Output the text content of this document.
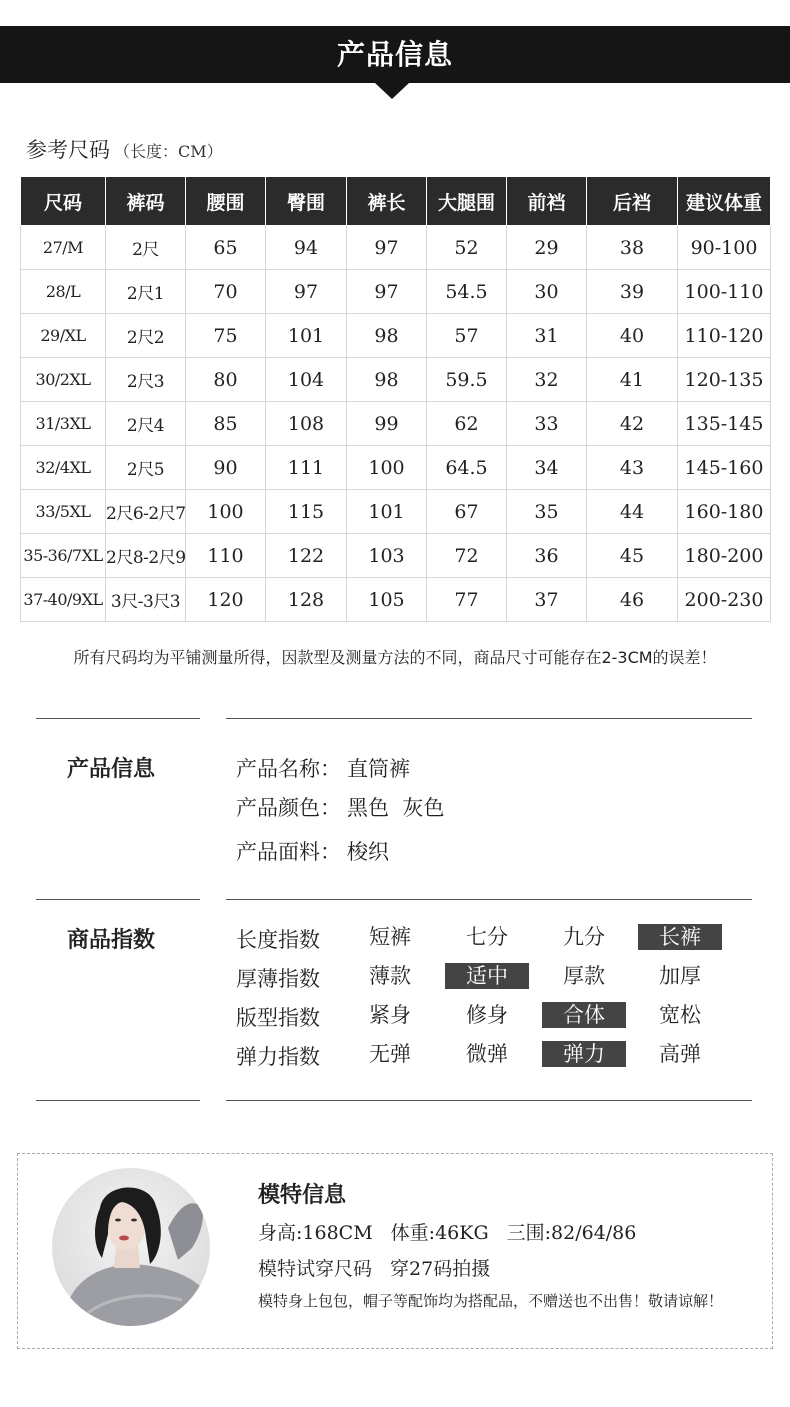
产品信息
参考尺码 （长度：CM）
尺码	裤码	腰围	臀围	裤长	大腿围	前裆	后裆	建议体重
27/M	2尺	65	94	97	52	29	38	90-100
28/L	2尺1	70	97	97	54.5	30	39	100-110
29/XL	2尺2	75	101	98	57	31	40	110-120
30/2XL	2尺3	80	104	98	59.5	32	41	120-135
31/3XL	2尺4	85	108	99	62	33	42	135-145
32/4XL	2尺5	90	111	100	64.5	34	43	145-160
33/5XL	2尺6-2尺7	100	115	101	67	35	44	160-180
35-36/7XL	2尺8-2尺9	110	122	103	72	36	45	180-200
37-40/9XL	3尺-3尺3	120	128	105	77	37	46	200-230
所有尺码均为平铺测量所得，因款型及测量方法的不同，商品尺寸可能存在2-3CM的误差！
产品信息	产品名称： 直筒裤
产品颜色： 黑色  灰色
产品面料： 梭织
商品指数	长度指数	短裤	七分	九分	长裤
厚薄指数	薄款	适中	厚款	加厚
版型指数	紧身	修身	合体	宽松
弹力指数	无弹	微弹	弹力	高弹
模特信息
身高:168CM 体重:46KG 三围:82/64/86
模特试穿尺码 穿27码拍摄
模特身上包包，帽子等配饰均为搭配品，不赠送也不出售！敬请谅解！
